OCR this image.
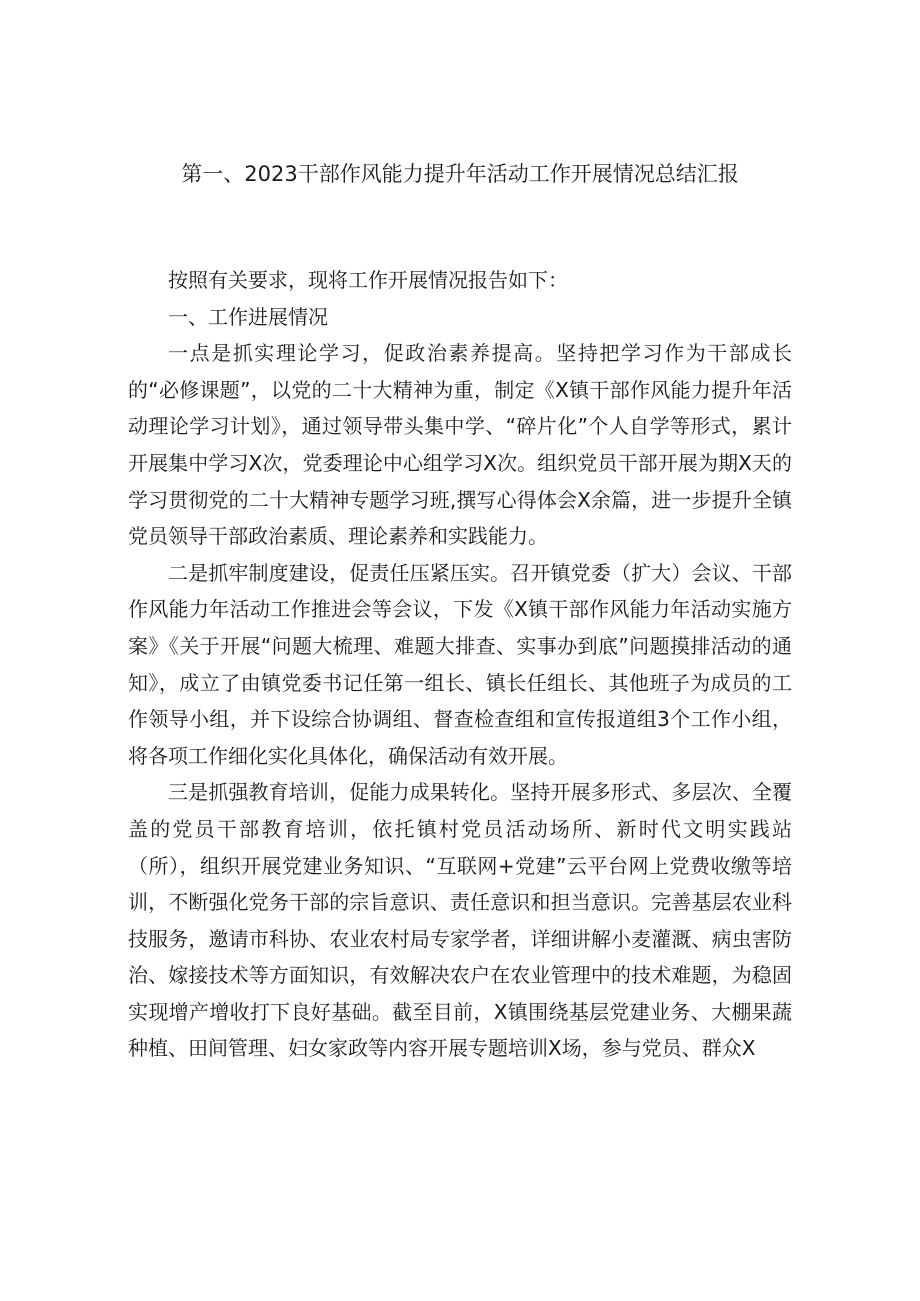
第一、2023干部作风能力提升年活动工作开展情况总结汇报

按照有关要求，现将工作开展情况报告如下：

一、工作进展情况

一点是抓实理论学习，促政治素养提高。坚持把学习作为干部成长的“必修课题”，以党的二十大精神为重，制定《X镇干部作风能力提升年活动理论学习计划》，通过领导带头集中学、“碎片化”个人自学等形式，累计开展集中学习X次，党委理论中心组学习X次。组织党员干部开展为期X天的学习贯彻党的二十大精神专题学习班,撰写心得体会X余篇，进一步提升全镇党员领导干部政治素质、理论素养和实践能力。

二是抓牢制度建设，促责任压紧压实。召开镇党委（扩大）会议、干部作风能力年活动工作推进会等会议，下发《X镇干部作风能力年活动实施方案》《关于开展“问题大梳理、难题大排查、实事办到底”问题摸排活动的通知》，成立了由镇党委书记任第一组长、镇长任组长、其他班子为成员的工作领导小组，并下设综合协调组、督查检查组和宣传报道组3个工作小组，将各项工作细化实化具体化，确保活动有效开展。

三是抓强教育培训，促能力成果转化。坚持开展多形式、多层次、全覆盖的党员干部教育培训，依托镇村党员活动场所、新时代文明实践站（所），组织开展党建业务知识、“互联网+党建”云平台网上党费收缴等培训，不断强化党务干部的宗旨意识、责任意识和担当意识。完善基层农业科技服务，邀请市科协、农业农村局专家学者，详细讲解小麦灌溉、病虫害防治、嫁接技术等方面知识，有效解决农户在农业管理中的技术难题，为稳固实现增产增收打下良好基础。截至目前，X镇围绕基层党建业务、大棚果蔬种植、田间管理、妇女家政等内容开展专题培训X场，参与党员、群众X
